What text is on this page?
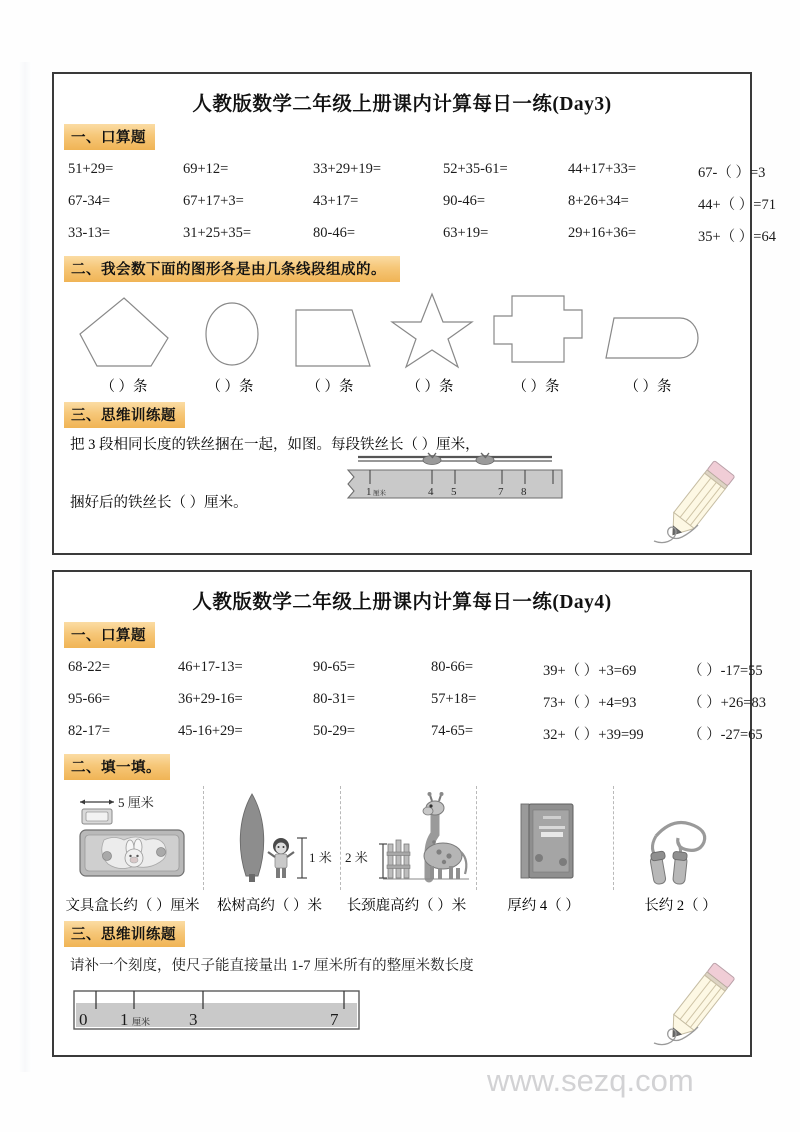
人教版数学二年级上册课内计算每日一练(Day3)
一、口算题
51+29=	69+12=	33+29+19=	52+35-61=	44+17+33=	67-（ ）=3
67-34=	67+17+3=	43+17=	90-46=	8+26+34=	44+（ ）=71
33-13=	31+25+35=	80-46=	63+19=	29+16+36=	35+（ ）=64
二、我会数下面的图形各是由几条线段组成的。
（ ）条	（ ）条	（ ）条	（ ）条	（ ）条	（ ）条
三、思维训练题
把 3 段相同长度的铁丝捆在一起，如图。每段铁丝长（ ）厘米，
捆好后的铁丝长（ ）厘米。
1 厘米	4 5	7 8
人教版数学二年级上册课内计算每日一练(Day4)
一、口算题
68-22=	46+17-13=	90-65=	80-66=	39+（ ）+3=69	（ ）-17=55
95-66=	36+29-16=	80-31=	57+18=	73+（ ）+4=93	（ ）+26=83
82-17=	45-16+29=	50-29=	74-65=	32+（ ）+39=99	（ ）-27=65
二、填一填。
5 厘米
1 米 2 米
文具盒长约（ ）厘米	松树高约（ ）米	长颈鹿高约（ ）米	厚约 4（ ）	长约 2（ ）
三、思维训练题
请补一个刻度，使尺子能直接量出 1-7 厘米所有的整厘米数长度
0 1 厘米 3	7
www.sezq.com
